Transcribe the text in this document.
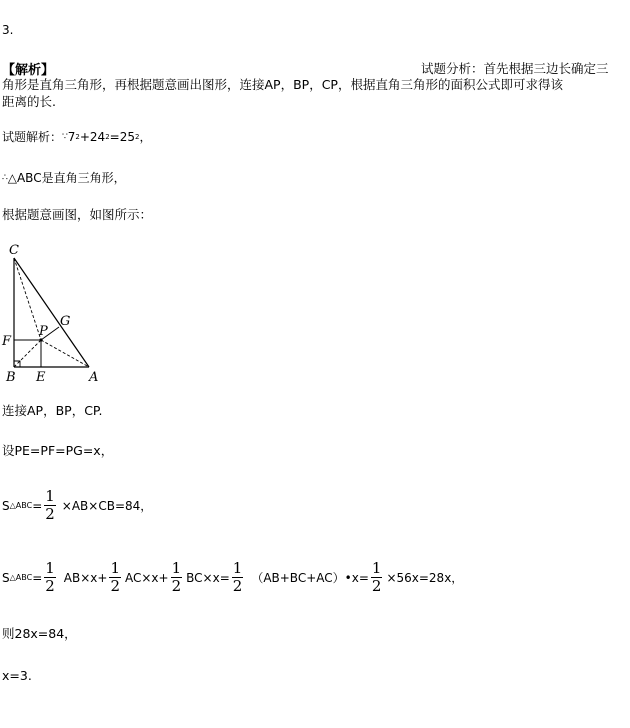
3.
【解析】	试题分析：首先根据三边长确定三
角形是直角三角形，再根据题意画出图形，连接AP，BP，CP，根据直角三角形的面积公式即可求得该
距离的长.
试题解析： ∵ 7 2 +24 2 =25 2 ，
∴ △ABC是直角三角形，
根据题意画图，如图所示：
C
G
P
F
B E	A
连接AP，BP，CP.
设PE=PF=PG=x，
S △ABC = $\frac{1}{2} \times AB\times CB=84$，
S △ABC = $\frac{1}{2} AB\times x+ \frac{1}{2} AC\times x+ \frac{1}{2} BC\times x= \frac{1}{2}$ （AB+BC+AC）•x= $\frac{1}{2} \times 56x=28x$，
则28x=84，
x=3.
